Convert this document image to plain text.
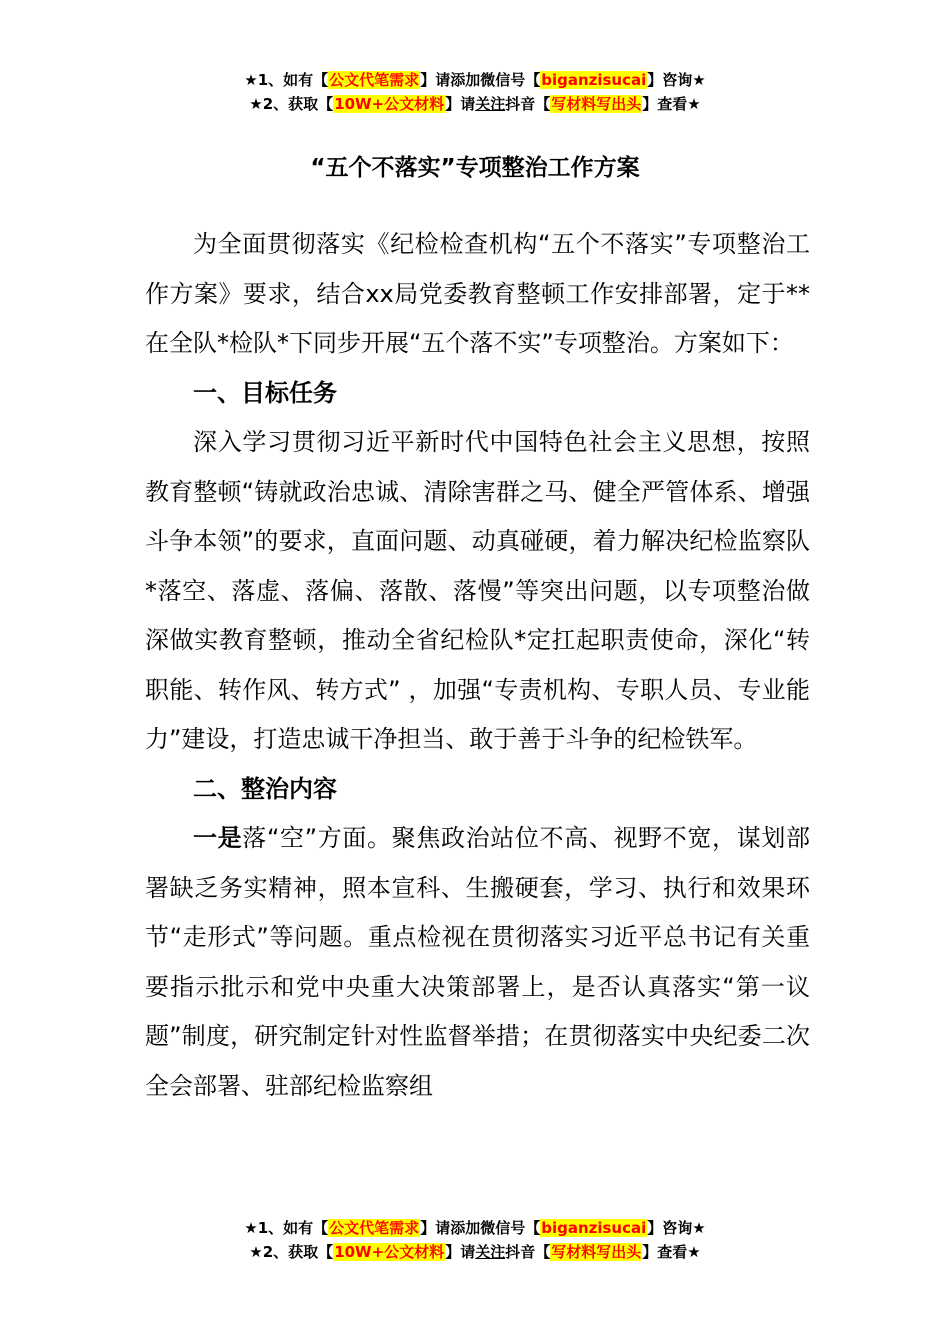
★1、如有【公文代笔需求】请添加微信号【biganzisucai】咨询★
★2、获取【10W+公文材料】请关注抖音【写材料写出头】查看★
“五个不落实”专项整治工作方案

为全面贯彻落实《纪检检查机构“五个不落实”专项整治工作方案》要求，结合xx局党委教育整顿工作安排部署，定于**在全队*检队*下同步开展“五个落不实”专项整治。方案如下：

一、目标任务

深入学习贯彻习近平新时代中国特色社会主义思想，按照教育整顿“铸就政治忠诚、清除害群之马、健全严管体系、增强斗争本领”的要求，直面问题、动真碰硬，着力解决纪检监察队*落空、落虚、落偏、落散、落慢”等突出问题，以专项整治做深做实教育整顿，推动全省纪检队*定扛起职责使命，深化“转职能、转作风、转方式” ，加强“专责机构、专职人员、专业能力”建设，打造忠诚干净担当、敢于善于斗争的纪检铁军。

二、整治内容

一是落“空”方面。聚焦政治站位不高、视野不宽，谋划部署缺乏务实精神，照本宣科、生搬硬套，学习、执行和效果环节“走形式”等问题。重点检视在贯彻落实习近平总书记有关重要指示批示和党中央重大决策部署上，是否认真落实“第一议题”制度，研究制定针对性监督举措；在贯彻落实中央纪委二次全会部署、驻部纪检监察组

★1、如有【公文代笔需求】请添加微信号【biganzisucai】咨询★
★2、获取【10W+公文材料】请关注抖音【写材料写出头】查看★
